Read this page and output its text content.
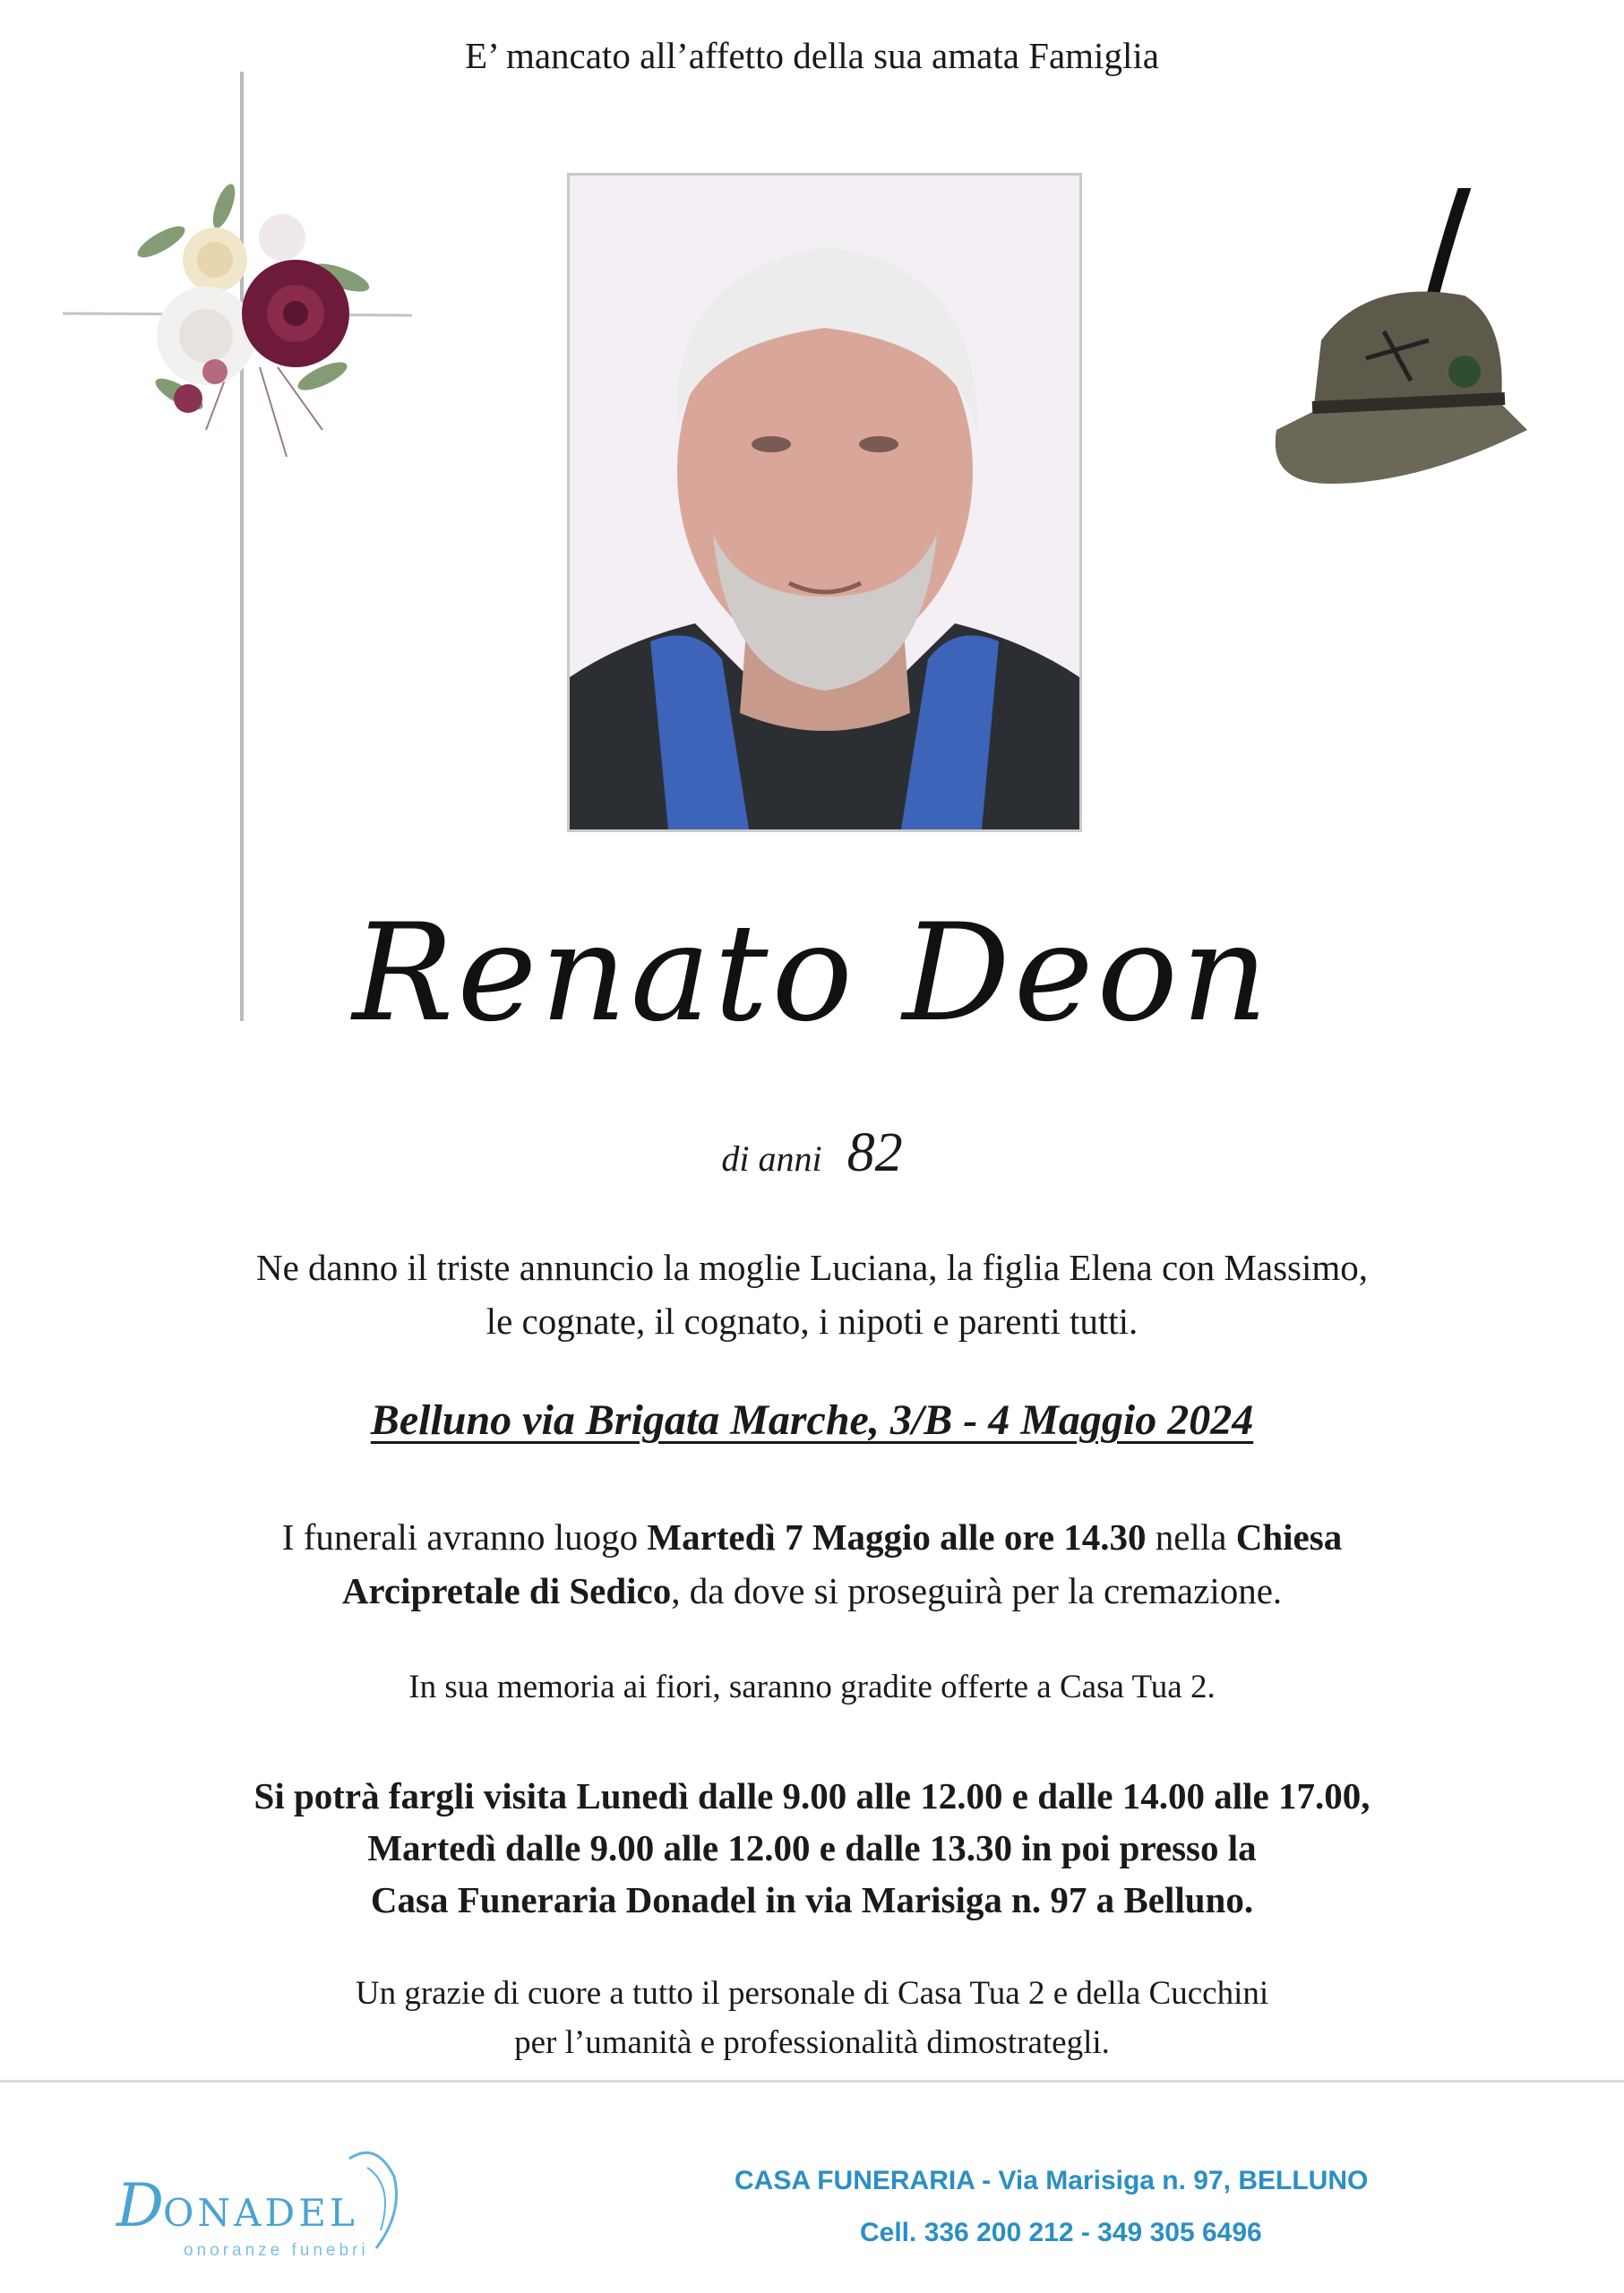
E’ mancato all’affetto della sua amata Famiglia
Renato Deon
di anni 82
Ne danno il triste annuncio la moglie Luciana, la figlia Elena con Massimo,
le cognate, il cognato, i nipoti e parenti tutti.
Belluno via Brigata Marche, 3/B - 4 Maggio 2024
I funerali avranno luogo Martedì 7 Maggio alle ore 14.30 nella Chiesa
Arcipretale di Sedico, da dove si proseguirà per la cremazione.
In sua memoria ai fiori, saranno gradite offerte a Casa Tua 2.
Si potrà fargli visita Lunedì dalle 9.00 alle 12.00 e dalle 14.00 alle 17.00,
Martedì dalle 9.00 alle 12.00 e dalle 13.30 in poi presso la
Casa Funeraria Donadel in via Marisiga n. 97 a Belluno.
Un grazie di cuore a tutto il personale di Casa Tua 2 e della Cucchini
per l’umanità e professionalità dimostrategli.
D ONADEL
onoranze funebri
CASA FUNERARIA - Via Marisiga n. 97, BELLUNO
Cell. 336 200 212 - 349 305 6496
